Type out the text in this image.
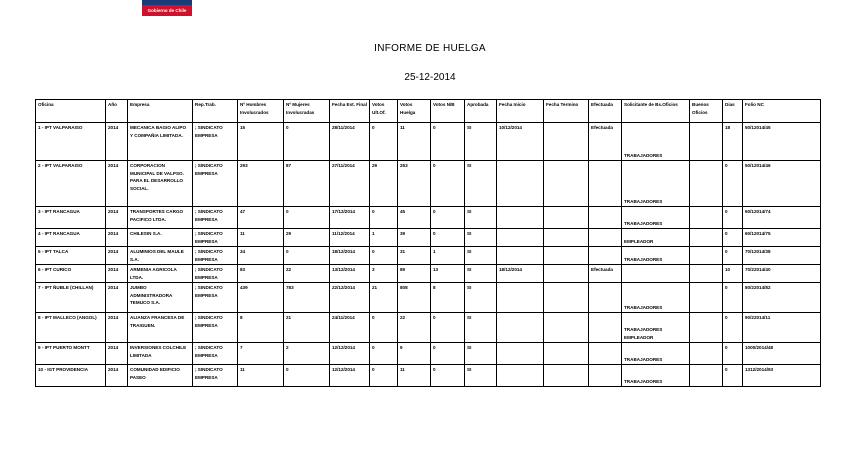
Gobierno de Chile
INFORME DE HUELGA
25-12-2014
Oficina	Año	Empresa	Rep.Trab.	Nº Hombres Involucrados	Nº Mujeres Involucradas	Fecha Est. Final	Votos Ult.Of.	Votos Huelga	Votos N/B	Aprobada	Fecha Inicio	Fecha Termino	Efectuada	Solicitante de Bs.Oficios	Buenos Oficios	Dias	Folio NC
1 - IPT VALPARAISO	2014	MECANICA BAGIO ALIPO Y COMPAÑIA LIMITADA.	; SINDICATO EMPRESA	15	0	28/11/2014	0	11	0	SI	10/12/2014		Efectuada	TRABAJADORES		18	50/12014/45
2 - IPT VALPARAISO	2014	CORPORACION MUNICIPAL DE VALPSO. PARA EL DESARROLLO SOCIAL.	; SINDICATO EMPRESA	293	87	27/11/2014	29	253	0	SI				TRABAJADORES		0	50/12014/46
3 - IPT RANCAGUA	2014	TRANSPORTES CARGO PACIFICO LTDA.	; SINDICATO EMPRESA	47	0	17/12/2014	0	45	0	SI				TRABAJADORES		0	60/12014/74
4 - IPT RANCAGUA	2014	CHILESIN S.A.	; SINDICATO EMPRESA	11	29	11/12/2014	1	39	0	SI				EMPLEADOR		0	60/12014/75
5 - IPT TALCA	2014	ALUMINIOS DEL MAULE S.A.	; SINDICATO EMPRESA	34	0	18/12/2014	0	31	1	SI				TRABAJADORES		0	70/12014/38
6 - IPT CURICO	2014	ARMENIA AGRICOLA LTDA.	; SINDICATO EMPRESA	83	22	13/12/2014	3	89	13	SI	18/12/2014		Efectuada			10	70/22014/40
7 - IPT ÑUBLE (CHILLAN)	2014	JUMBO ADMINISTRADORA TEMUCO S.A.	; SINDICATO EMPRESA	439	783	22/12/2014	21	808	8	SI				TRABAJADORES		0	80/22014/82
8 - IPT MALLECO (ANGOL)	2014	ALIANZA FRANCESA DE TRAIGUEN.	; SINDICATO EMPRESA	8	21	24/11/2014	0	22	0	SI				TRABAJADORES EMPLEADOR		0	90/22014/11
9 - IPT PUERTO MONTT	2014	INVERSIONES COLCHILE LIMITADA	; SINDICATO EMPRESA	7	2	12/12/2014	0	9	0	SI				TRABAJADORES		0	1000/2014/48
10 - IGT PROVIDENCIA	2014	COMUNIDAD EDIFICIO PASEO	; SINDICATO EMPRESA	11	0	12/12/2014	0	11	0	SI				TRABAJADORES		0	1312/2014/93
